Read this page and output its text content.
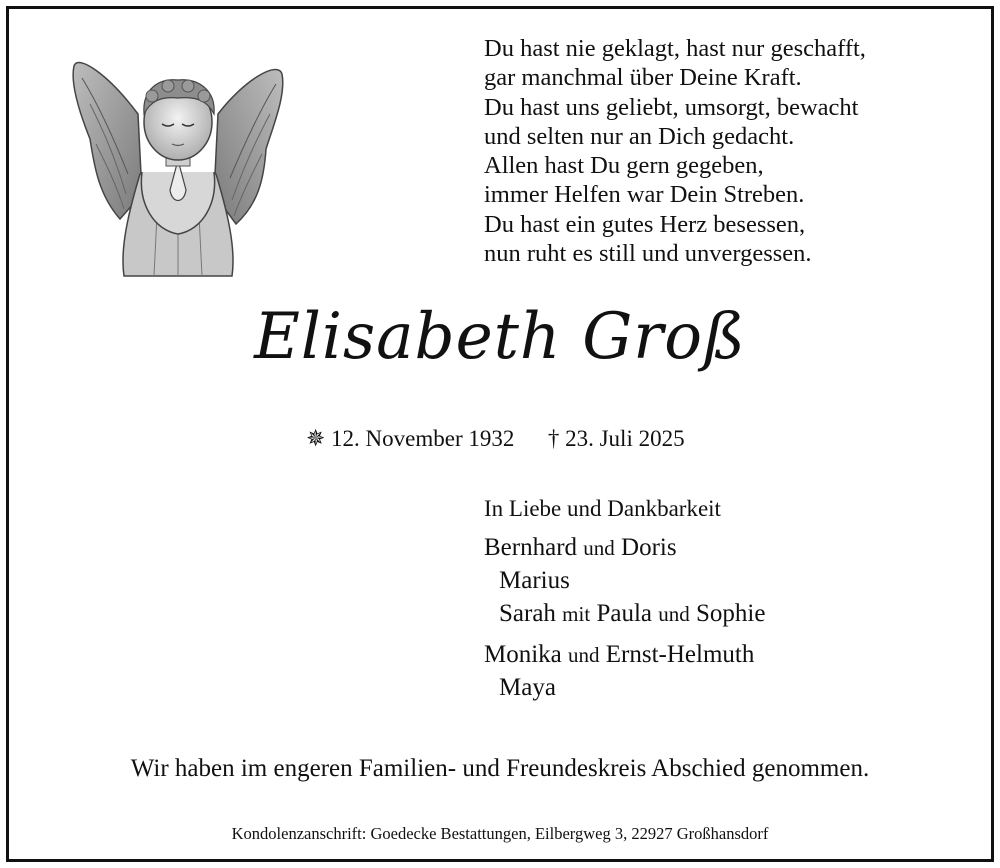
Du hast nie geklagt, hast nur geschafft,
gar manchmal über Deine Kraft.
Du hast uns geliebt, umsorgt, bewacht
und selten nur an Dich gedacht.
Allen hast Du gern gegeben,
immer Helfen war Dein Streben.
Du hast ein gutes Herz besessen,
nun ruht es still und unvergessen.
Elisabeth Groß
✵ 12. November 1932 † 23. Juli 2025
In Liebe und Dankbarkeit
Bernhard und Doris
Marius
Sarah mit Paula und Sophie
Monika und Ernst-Helmuth
Maya
Wir haben im engeren Familien- und Freundeskreis Abschied genommen.
Kondolenzanschrift: Goedecke Bestattungen, Eilbergweg 3, 22927 Großhansdorf
